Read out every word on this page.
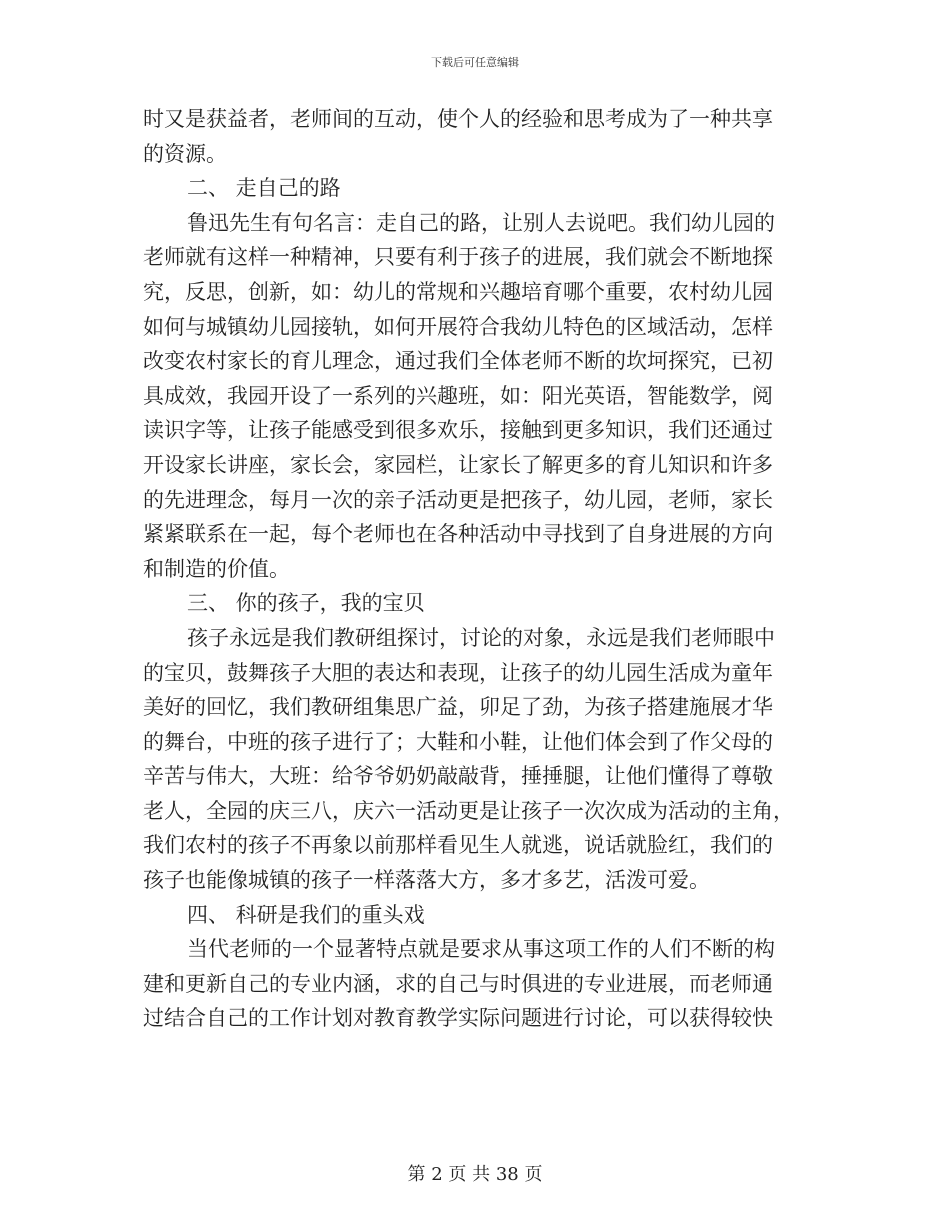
下载后可任意编辑
时又是获益者，老师间的互动，使个人的经验和思考成为了一种共享
的资源。
二、 走自己的路
鲁迅先生有句名言：走自己的路，让别人去说吧。我们幼儿园的
老师就有这样一种精神，只要有利于孩子的进展，我们就会不断地探
究，反思，创新，如：幼儿的常规和兴趣培育哪个重要，农村幼儿园
如何与城镇幼儿园接轨，如何开展符合我幼儿特色的区域活动，怎样
改变农村家长的育儿理念，通过我们全体老师不断的坎坷探究，已初
具成效，我园开设了一系列的兴趣班，如：阳光英语，智能数学，阅
读识字等，让孩子能感受到很多欢乐，接触到更多知识，我们还通过
开设家长讲座，家长会，家园栏，让家长了解更多的育儿知识和许多
的先进理念，每月一次的亲子活动更是把孩子，幼儿园，老师，家长
紧紧联系在一起，每个老师也在各种活动中寻找到了自身进展的方向
和制造的价值。
三、 你的孩子，我的宝贝
孩子永远是我们教研组探讨，讨论的对象，永远是我们老师眼中
的宝贝，鼓舞孩子大胆的表达和表现，让孩子的幼儿园生活成为童年
美好的回忆，我们教研组集思广益，卯足了劲，为孩子搭建施展才华
的舞台，中班的孩子进行了；大鞋和小鞋，让他们体会到了作父母的
辛苦与伟大，大班：给爷爷奶奶敲敲背，捶捶腿，让他们懂得了尊敬
老人，全园的庆三八，庆六一活动更是让孩子一次次成为活动的主角，
我们农村的孩子不再象以前那样看见生人就逃，说话就脸红，我们的
孩子也能像城镇的孩子一样落落大方，多才多艺，活泼可爱。
四、 科研是我们的重头戏
当代老师的一个显著特点就是要求从事这项工作的人们不断的构
建和更新自己的专业内涵，求的自己与时俱进的专业进展，而老师通
过结合自己的工作计划对教育教学实际问题进行讨论，可以获得较快
第 2 页 共 38 页
